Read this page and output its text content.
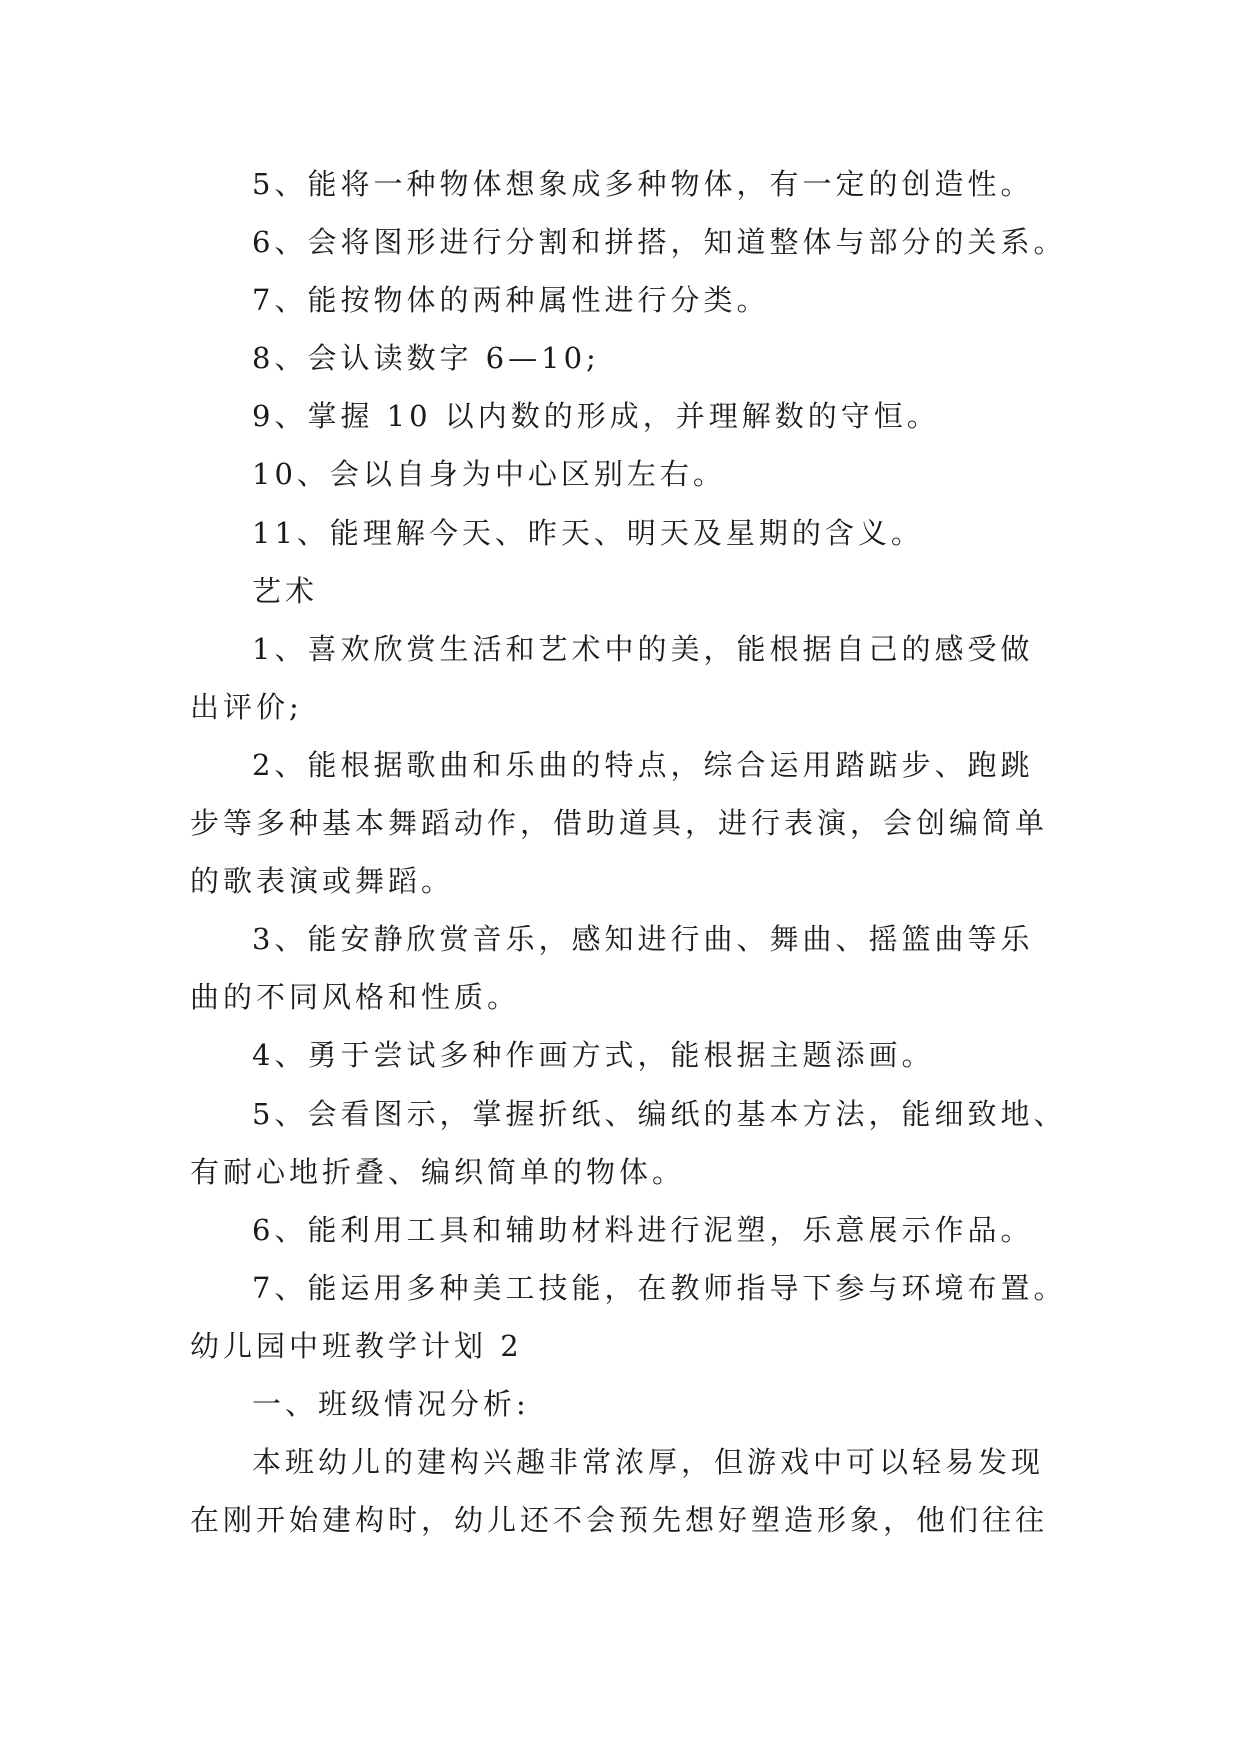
5、能将一种物体想象成多种物体，有一定的创造性。
6、会将图形进行分割和拼搭，知道整体与部分的关系。
7、能按物体的两种属性进行分类。
8、会认读数字 6—10;
9、掌握 10 以内数的形成，并理解数的守恒。
10、会以自身为中心区别左右。
11、能理解今天、昨天、明天及星期的含义。
艺术
1、喜欢欣赏生活和艺术中的美，能根据自己的感受做
出评价;
2、能根据歌曲和乐曲的特点，综合运用踏踮步、跑跳
步等多种基本舞蹈动作，借助道具，进行表演，会创编简单
的歌表演或舞蹈。
3、能安静欣赏音乐，感知进行曲、舞曲、摇篮曲等乐
曲的不同风格和性质。
4、勇于尝试多种作画方式，能根据主题添画。
5、会看图示，掌握折纸、编纸的基本方法，能细致地、
有耐心地折叠、编织简单的物体。
6、能利用工具和辅助材料进行泥塑，乐意展示作品。
7、能运用多种美工技能，在教师指导下参与环境布置。
幼儿园中班教学计划 2
一、班级情况分析:
本班幼儿的建构兴趣非常浓厚，但游戏中可以轻易发现
在刚开始建构时，幼儿还不会预先想好塑造形象，他们往往
